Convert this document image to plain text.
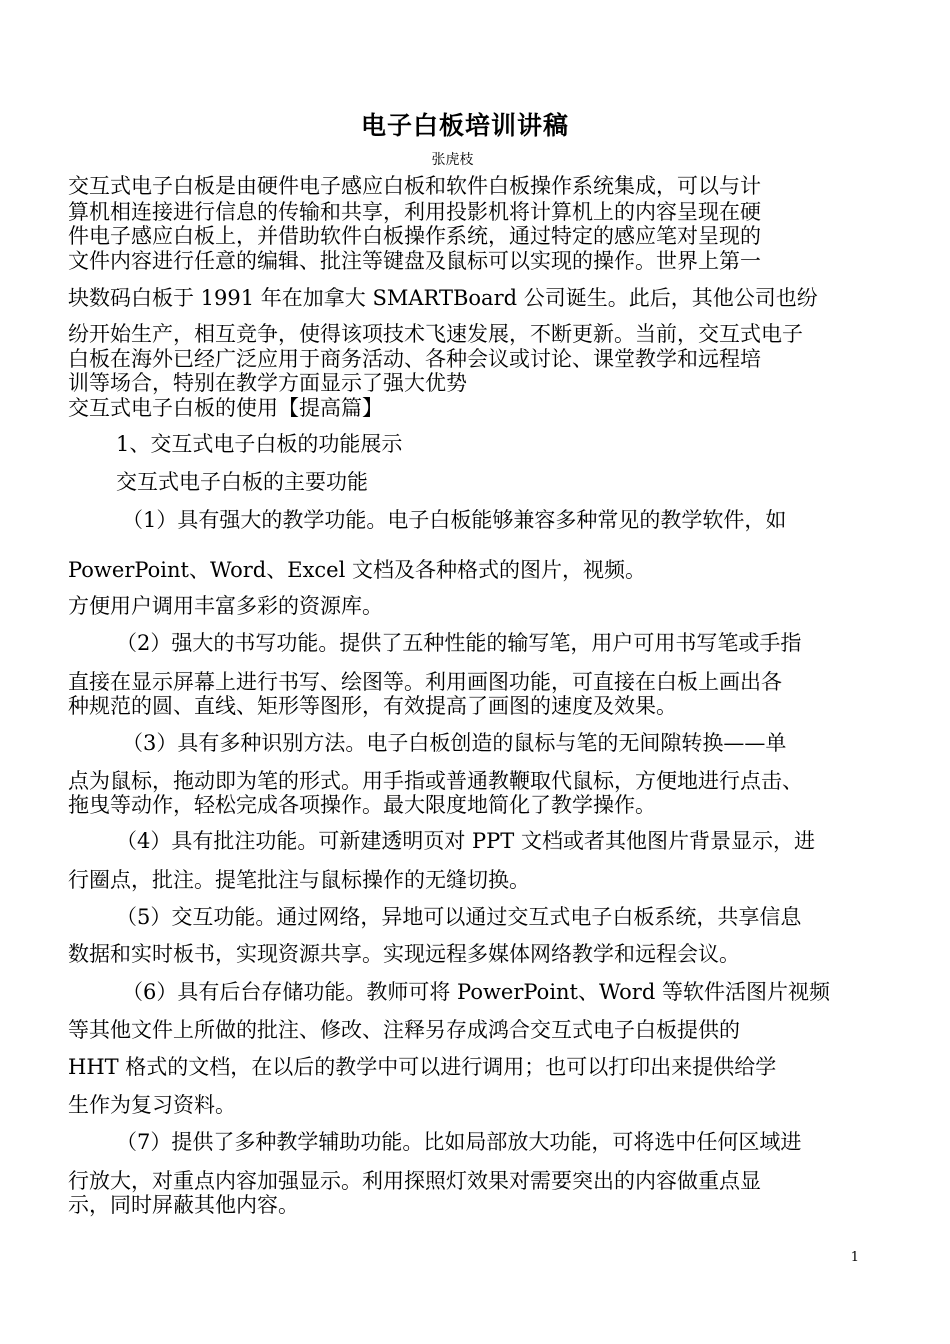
电子白板培训讲稿
张虎枝
交互式电子白板是由硬件电子感应白板和软件白板操作系统集成，可以与计
算机相连接进行信息的传输和共享，利用投影机将计算机上的内容呈现在硬
件电子感应白板上，并借助软件白板操作系统，通过特定的感应笔对呈现的
文件内容进行任意的编辑、批注等键盘及鼠标可以实现的操作。世界上第一
块数码白板于 1991 年在加拿大 SMARTBoard 公司诞生。此后，其他公司也纷
纷开始生产，相互竞争，使得该项技术飞速发展，不断更新。当前，交互式电子
白板在海外已经广泛应用于商务活动、各种会议或讨论、课堂教学和远程培
训等场合，特别在教学方面显示了强大优势
交互式电子白板的使用【提高篇】
1、交互式电子白板的功能展示
交互式电子白板的主要功能
（1）具有强大的教学功能。电子白板能够兼容多种常见的教学软件，如
PowerPoint、Word、Excel 文档及各种格式的图片，视频。
方便用户调用丰富多彩的资源库。
（2）强大的书写功能。提供了五种性能的输写笔，用户可用书写笔或手指
直接在显示屏幕上进行书写、绘图等。利用画图功能，可直接在白板上画出各
种规范的圆、直线、矩形等图形，有效提高了画图的速度及效果。
（3）具有多种识别方法。电子白板创造的鼠标与笔的无间隙转换——单
点为鼠标，拖动即为笔的形式。用手指或普通教鞭取代鼠标，方便地进行点击、
拖曳等动作，轻松完成各项操作。最大限度地简化了教学操作。
（4）具有批注功能。可新建透明页对 PPT 文档或者其他图片背景显示，进
行圈点，批注。提笔批注与鼠标操作的无缝切换。
（5）交互功能。通过网络，异地可以通过交互式电子白板系统，共享信息
数据和实时板书，实现资源共享。实现远程多媒体网络教学和远程会议。
（6）具有后台存储功能。教师可将 PowerPoint、Word 等软件活图片视频
等其他文件上所做的批注、修改、注释另存成鸿合交互式电子白板提供的
HHT 格式的文档，在以后的教学中可以进行调用；也可以打印出来提供给学
生作为复习资料。
（7）提供了多种教学辅助功能。比如局部放大功能，可将选中任何区域进
行放大，对重点内容加强显示。利用探照灯效果对需要突出的内容做重点显
示，同时屏蔽其他内容。
1
